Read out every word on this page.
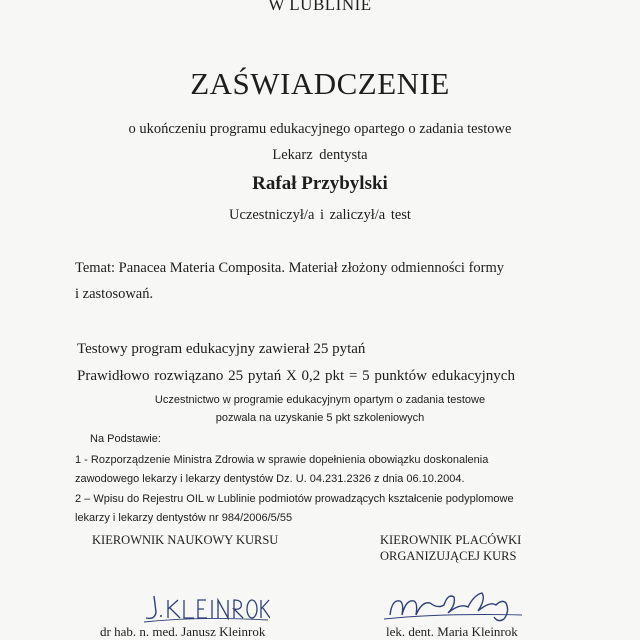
W LUBLINIE
ZAŚWIADCZENIE
o ukończeniu programu edukacyjnego opartego o zadania testowe
Lekarz dentysta
Rafał Przybylski
Uczestniczył/a i zaliczył/a test
Temat: Panacea Materia Composita. Materiał złożony odmienności formy
i zastosowań.
Testowy program edukacyjny zawierał 25 pytań
Prawidłowo rozwiązano 25 pytań X 0,2 pkt = 5 punktów edukacyjnych
Uczestnictwo w programie edukacyjnym opartym o zadania testowe
pozwala na uzyskanie 5 pkt szkoleniowych
Na Podstawie:
1 - Rozporządzenie Ministra Zdrowia w sprawie dopełnienia obowiązku doskonalenia
zawodowego lekarzy i lekarzy dentystów Dz. U. 04.231.2326 z dnia 06.10.2004.
2 – Wpisu do Rejestru OIL w Lublinie podmiotów prowadzących kształcenie podyplomowe
lekarzy i lekarzy dentystów nr 984/2006/5/55
KIEROWNIK NAUKOWY KURSU	KIEROWNIK PLACÓWKI
ORGANIZUJĄCEJ KURS
dr hab. n. med. Janusz Kleinrok	lek. dent. Maria Kleinrok
